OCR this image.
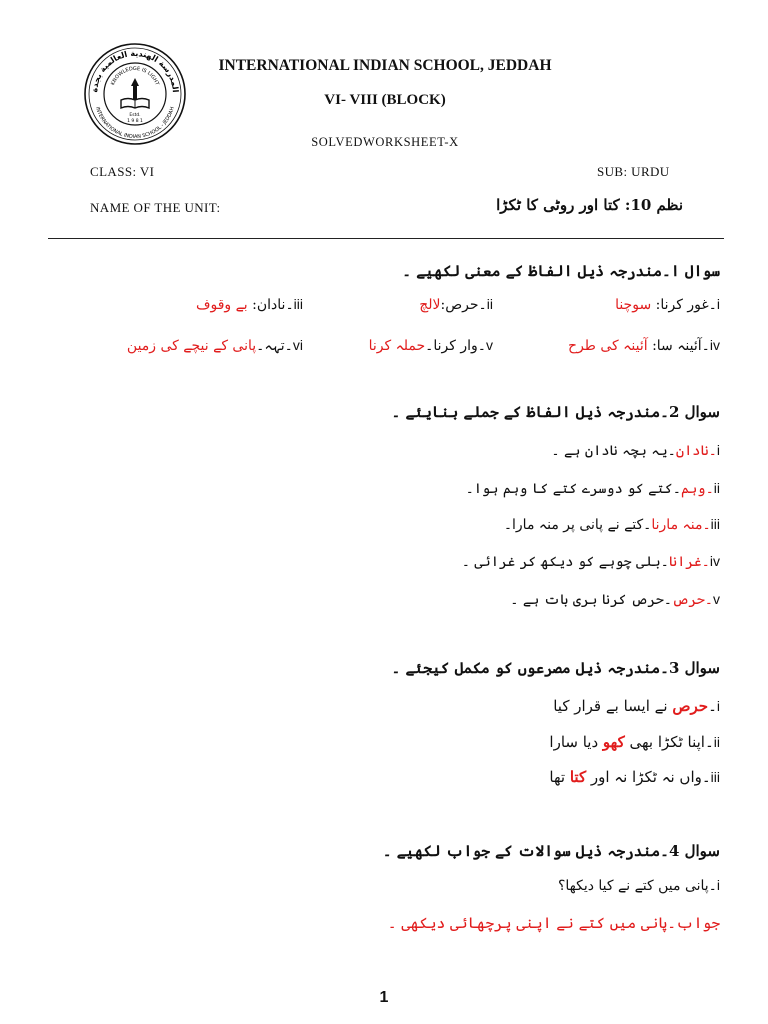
المدرسة الهندية العالمية بجدة
INTERNATIONAL INDIAN SCHOOL - JEDDAH
KNOWLEDGE IS LIGHT
Estd.
1 9 8 1
INTERNATIONAL INDIAN SCHOOL, JEDDAH
VI- VIII (BLOCK)
SOLVEDWORKSHEET-X
CLASS: VI	SUB: URDU
NAME OF THE UNIT:	نظم 10: کتا اور روٹی کا ٹکڑا
سوال ا۔مندرجہ ذیل الفاظ کے معنی لکھیے ۔
i۔غور کرنا: سوچنا
ii۔حرص:لالچ
iii۔نادان: بے وقوف
iv۔آئینہ سا: آئینہ کی طرح
v۔وار کرنا۔حملہ کرنا
vi۔تہہ۔پانی کے نیچے کی زمین
سوال 2۔مندرجہ ذیل الفاظ کے جملے بنایئے ۔
i۔نادان۔یہ بچہ نادان ہے ۔
ii۔وہم۔کتے کو دوسرے کتے کا وہم ہوا۔
iii۔منہ مارنا۔کتے نے پانی پر منہ مارا۔
iv۔غرانا۔بلی چوہے کو دیکھ کر غرائی ۔
v۔حرص۔حرص کرنا بری بات ہے ۔
سوال 3۔مندرجہ ذیل مصرعوں کو مکمل کیجئے ۔
i۔حرص نے ایسا بے قرار کیا
ii۔اپنا ٹکڑا بھی کھو دیا سارا
iii۔واں نہ ٹکڑا نہ اور کتا تھا
سوال 4۔مندرجہ ذیل سوالات کے جواب لکھیے ۔
i۔پانی میں کتے نے کیا دیکھا؟
جواب۔پانی میں کتے نے اپنی پرچھائی دیکھی ۔
1
